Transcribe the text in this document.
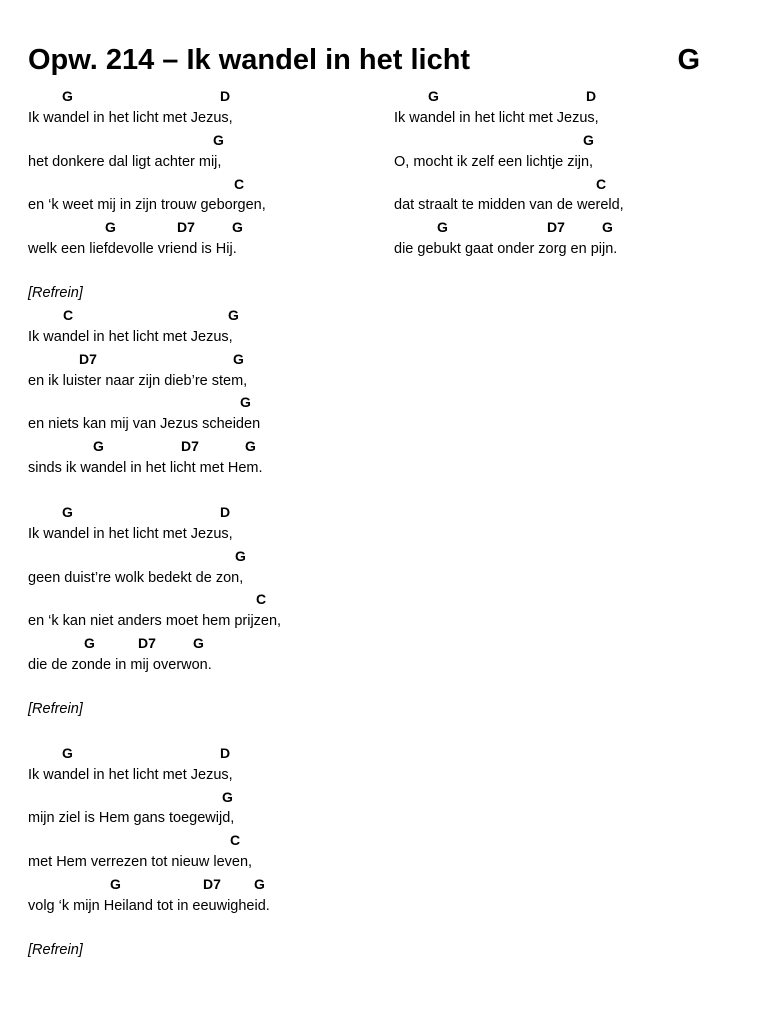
Opw. 214 – Ik wandel in het licht	G
G	D
Ik wandel in het licht met Jezus,
G
het donkere dal ligt achter mij,
C
en ‘k weet mij in zijn trouw geborgen,
G	D7	G
welk een liefdevolle vriend is Hij.
[Refrein]
C	G
Ik wandel in het licht met Jezus,
D7	G
en ik luister naar zijn dieb’re stem,
G
en niets kan mij van Jezus scheiden
G	D7	G
sinds ik wandel in het licht met Hem.
G	D
Ik wandel in het licht met Jezus,
G
geen duist’re wolk bedekt de zon,
C
en ‘k kan niet anders moet hem prijzen,
G	D7	G
die de zonde in mij overwon.
[Refrein]
G	D
Ik wandel in het licht met Jezus,
G
mijn ziel is Hem gans toegewijd,
C
met Hem verrezen tot nieuw leven,
G	D7 G
volg ‘k mijn Heiland tot in eeuwigheid.
[Refrein]
G	D
Ik wandel in het licht met Jezus,
G
O, mocht ik zelf een lichtje zijn,
C
dat straalt te midden van de wereld,
G	D7	G
die gebukt gaat onder zorg en pijn.
